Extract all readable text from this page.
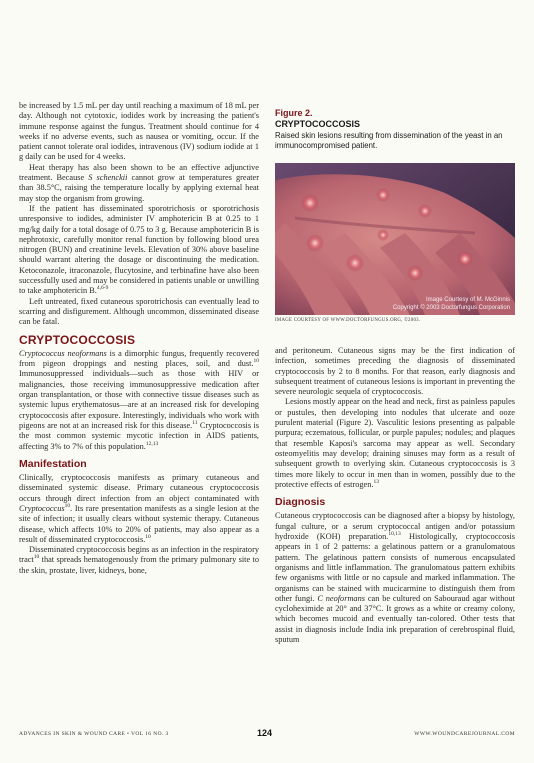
be increased by 1.5 mL per day until reaching a maximum of 18 mL per day. Although not cytotoxic, iodides work by increasing the patient's immune response against the fungus. Treatment should continue for 4 weeks if no adverse events, such as nausea or vomiting, occur. If the patient cannot tolerate oral iodides, intravenous (IV) sodium iodide at 1 g daily can be used for 4 weeks.

Heat therapy has also been shown to be an effective adjunctive treatment. Because S schenckii cannot grow at temperatures greater than 38.5°C, raising the temperature locally by applying external heat may stop the organism from growing.

If the patient has disseminated sporotrichosis or sporotrichosis unresponsive to iodides, administer IV amphotericin B at 0.25 to 1 mg/kg daily for a total dosage of 0.75 to 3 g. Because amphotericin B is nephrotoxic, carefully monitor renal function by following blood urea nitrogen (BUN) and creatinine levels. Elevation of 30% above baseline should warrant altering the dosage or discontinuing the medication. Ketoconazole, itraconazole, flucytosine, and terbinafine have also been successfully used and may be considered in patients unable or unwilling to take amphotericin B.$^{4,6-9}$

Left untreated, fixed cutaneous sporotrichosis can eventually lead to scarring and disfigurement. Although uncommon, disseminated disease can be fatal.

CRYPTOCOCCOSIS

Cryptococcus neoformans is a dimorphic fungus, frequently recovered from pigeon droppings and nesting places, soil, and dust.$^{10}$ Immunosuppressed individuals—such as those with HIV or malignancies, those receiving immunosuppressive medication after organ transplantation, or those with connective tissue diseases such as systemic lupus erythematosus—are at an increased risk for developing cryptococcosis after exposure. Interestingly, individuals who work with pigeons are not at an increased risk for this disease.$^{11}$ Cryptococcosis is the most common systemic mycotic infection in AIDS patients, affecting 3% to 7% of this population.$^{12,13}$

Manifestation

Clinically, cryptococcosis manifests as primary cutaneous and disseminated systemic disease. Primary cutaneous cryptococcosis occurs through direct infection from an object contaminated with Cryptococcus$^{10}$. Its rare presentation manifests as a single lesion at the site of infection; it usually clears without systemic therapy. Cutaneous disease, which affects 10% to 20% of patients, may also appear as a result of disseminated cryptococcosis.$^{10}$

Disseminated cryptococcosis begins as an infection in the respiratory tract$^{10}$ that spreads hematogenously from the primary pulmonary site to the skin, prostate, liver, kidneys, bone,

Figure 2.
CRYPTOCOCCOSIS
Raised skin lesions resulting from dissemination of the yeast in an immunocompromised patient.
Image Courtesy of M. McGinnis
Copyright © 2003 Doctorfungus Corporation
IMAGE COURTESY OF WWW.DOCTORFUNGUS.ORG, ©2003.

and peritoneum. Cutaneous signs may be the first indication of infection, sometimes preceding the diagnosis of disseminated cryptococcosis by 2 to 8 months. For that reason, early diagnosis and subsequent treatment of cutaneous lesions is important in preventing the severe neurologic sequela of cryptococcosis.

Lesions mostly appear on the head and neck, first as painless papules or pustules, then developing into nodules that ulcerate and ooze purulent material (Figure 2). Vasculitic lesions presenting as palpable purpura; eczematous, follicular, or purple papules; nodules; and plaques that resemble Kaposi's sarcoma may appear as well. Secondary osteomyelitis may develop; draining sinuses may form as a result of subsequent growth to overlying skin. Cutaneous cryptococcosis is 3 times more likely to occur in men than in women, possibly due to the protective effects of estrogen.$^{13}$

Diagnosis

Cutaneous cryptococcosis can be diagnosed after a biopsy by histology, fungal culture, or a serum cryptococcal antigen and/or potassium hydroxide (KOH) preparation.$^{10,13}$ Histologically, cryptococcosis appears in 1 of 2 patterns: a gelatinous pattern or a granulomatous pattern. The gelatinous pattern consists of numerous encapsulated organisms and little inflammation. The granulomatous pattern exhibits few organisms with little or no capsule and marked inflammation. The organisms can be stained with mucicarmine to distinguish them from other fungi. C neoformans can be cultured on Sabouraud agar without cycloheximide at 20° and 37°C. It grows as a white or creamy colony, which becomes mucoid and eventually tan-colored. Other tests that assist in diagnosis include India ink preparation of cerebrospinal fluid, sputum

ADVANCES IN SKIN & WOUND CARE • VOL 16 NO. 3	124	WWW.WOUNDCAREJOURNAL.COM
